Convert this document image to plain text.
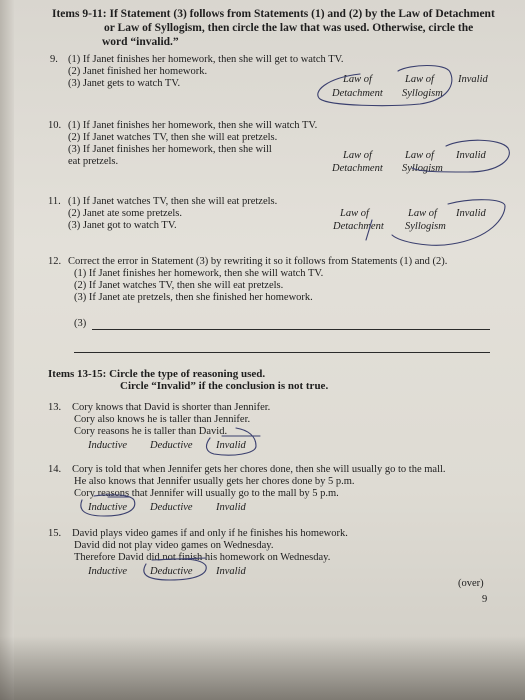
Items 9-11: If Statement (3) follows from Statements (1) and (2) by the Law of Detachment
or Law of Syllogism, then circle the law that was used. Otherwise, circle the
word “invalid.”
9. (1) If Janet finishes her homework, then she will get to watch TV.
(2) Janet finished her homework.
(3) Janet gets to watch TV.	Law of
Detachment
Law of
Syllogism
Invalid
10. (1) If Janet finishes her homework, then she will watch TV.
(2) If Janet watches TV, then she will eat pretzels.
(3) If Janet finishes her homework, then she will
eat pretzels.
Law of
Detachment
Law of
Syllogism
Invalid
11. (1) If Janet watches TV, then she will eat pretzels.
(2) Janet ate some pretzels.
(3) Janet got to watch TV.
Law of
Detachment
Law of
Syllogism
Invalid
12. Correct the error in Statement (3) by rewriting it so it follows from Statements (1) and (2).
(1) If Janet finishes her homework, then she will watch TV.
(2) If Janet watches TV, then she will eat pretzels.
(3) If Janet ate pretzels, then she finished her homework.
(3)
Items 13-15: Circle the type of reasoning used.
Circle “Invalid” if the conclusion is not true.
13. Cory knows that David is shorter than Jennifer.
Cory also knows he is taller than Jennifer.
Cory reasons he is taller than David.
Inductive Deductive Invalid
14. Cory is told that when Jennifer gets her chores done, then she will usually go to the mall.
He also knows that Jennifer usually gets her chores done by 5 p.m.
Cory reasons that Jennifer will usually go to the mall by 5 p.m.
Inductive Deductive Invalid
15. David plays video games if and only if he finishes his homework.
David did not play video games on Wednesday.
Therefore David did not finish his homework on Wednesday.
Inductive Deductive Invalid
(over)
9
